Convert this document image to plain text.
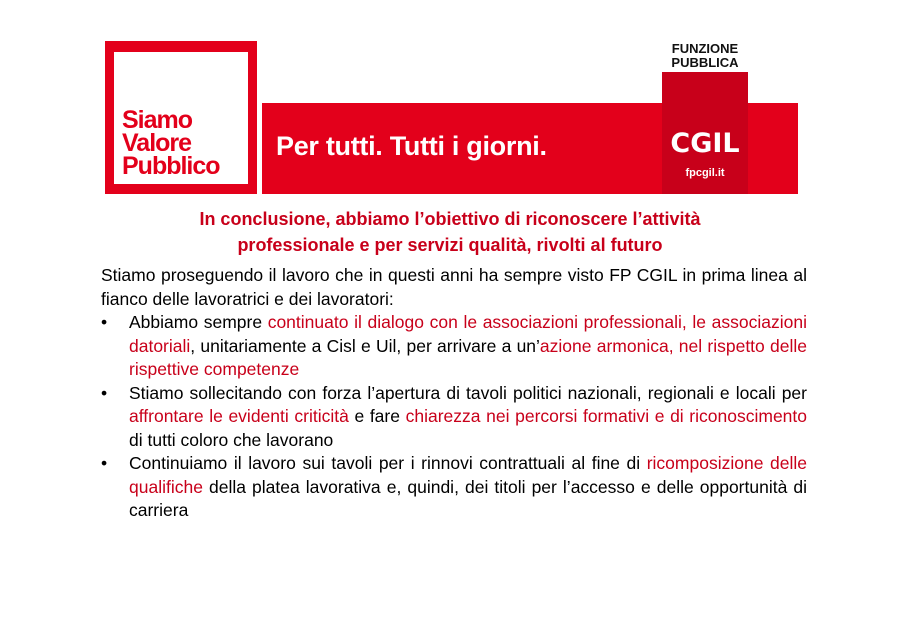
Siamo
Valore
Pubblico
Per tutti. Tutti i giorni.
FUNZIONE
PUBBLICA
CGIL
fpcgil.it
In conclusione, abbiamo l’obiettivo di riconoscere l’attività
professionale e per servizi qualità, rivolti al futuro

Stiamo proseguendo il lavoro che in questi anni ha sempre visto FP CGIL in prima linea al fianco delle lavoratrici e dei lavoratori:

• Abbiamo sempre continuato il dialogo con le associazioni professionali, le associazioni datoriali, unitariamente a Cisl e Uil, per arrivare a un’azione armonica, nel rispetto delle rispettive competenze
• Stiamo sollecitando con forza l’apertura di tavoli politici nazionali, regionali e locali per affrontare le evidenti criticità e fare chiarezza nei percorsi formativi e di riconoscimento di tutti coloro che lavorano
• Continuiamo il lavoro sui tavoli per i rinnovi contrattuali al fine di ricomposizione delle qualifiche della platea lavorativa e, quindi, dei titoli per l’accesso e delle opportunità di carriera
